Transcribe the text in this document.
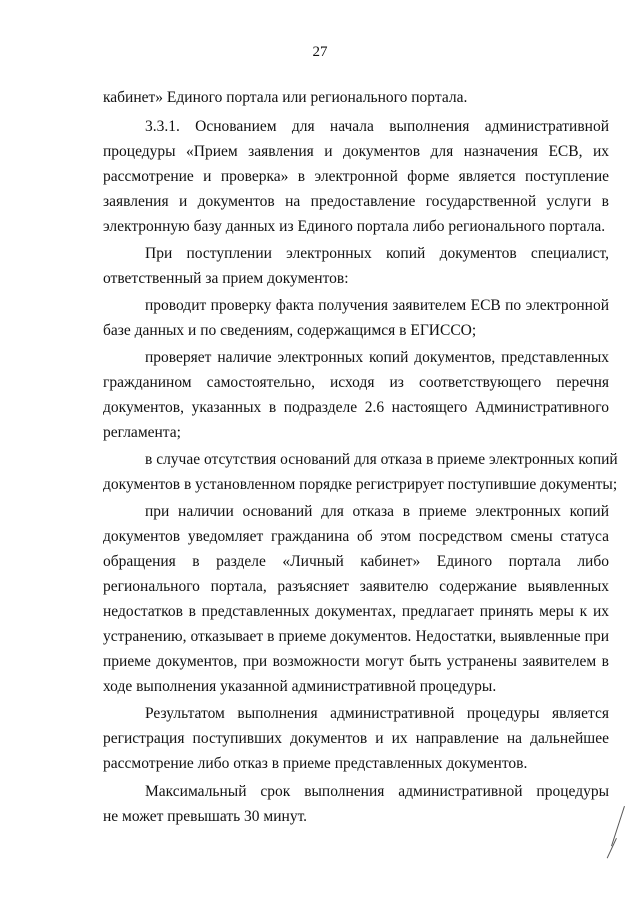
27
кабинет» Единого портала или регионального портала.
3.3.1. Основанием для начала выполнения административной
процедуры «Прием заявления и документов для назначения ЕСВ, их
рассмотрение и проверка» в электронной форме является поступление
заявления и документов на предоставление государственной услуги в
электронную базу данных из Единого портала либо регионального портала.
При поступлении электронных копий документов специалист,
ответственный за прием документов:
проводит проверку факта получения заявителем ЕСВ по электронной
базе данных и по сведениям, содержащимся в ЕГИССО;
проверяет наличие электронных копий документов, представленных
гражданином самостоятельно, исходя из соответствующего перечня
документов, указанных в подразделе 2.6 настоящего Административного
регламента;
в случае отсутствия оснований для отказа в приеме электронных копий
документов в установленном порядке регистрирует поступившие документы;
при наличии оснований для отказа в приеме электронных копий
документов уведомляет гражданина об этом посредством смены статуса
обращения в разделе «Личный кабинет» Единого портала либо
регионального портала, разъясняет заявителю содержание выявленных
недостатков в представленных документах, предлагает принять меры к их
устранению, отказывает в приеме документов. Недостатки, выявленные при
приеме документов, при возможности могут быть устранены заявителем в
ходе выполнения указанной административной процедуры.
Результатом выполнения административной процедуры является
регистрация поступивших документов и их направление на дальнейшее
рассмотрение либо отказ в приеме представленных документов.
Максимальный срок выполнения административной процедуры
не может превышать 30 минут.
